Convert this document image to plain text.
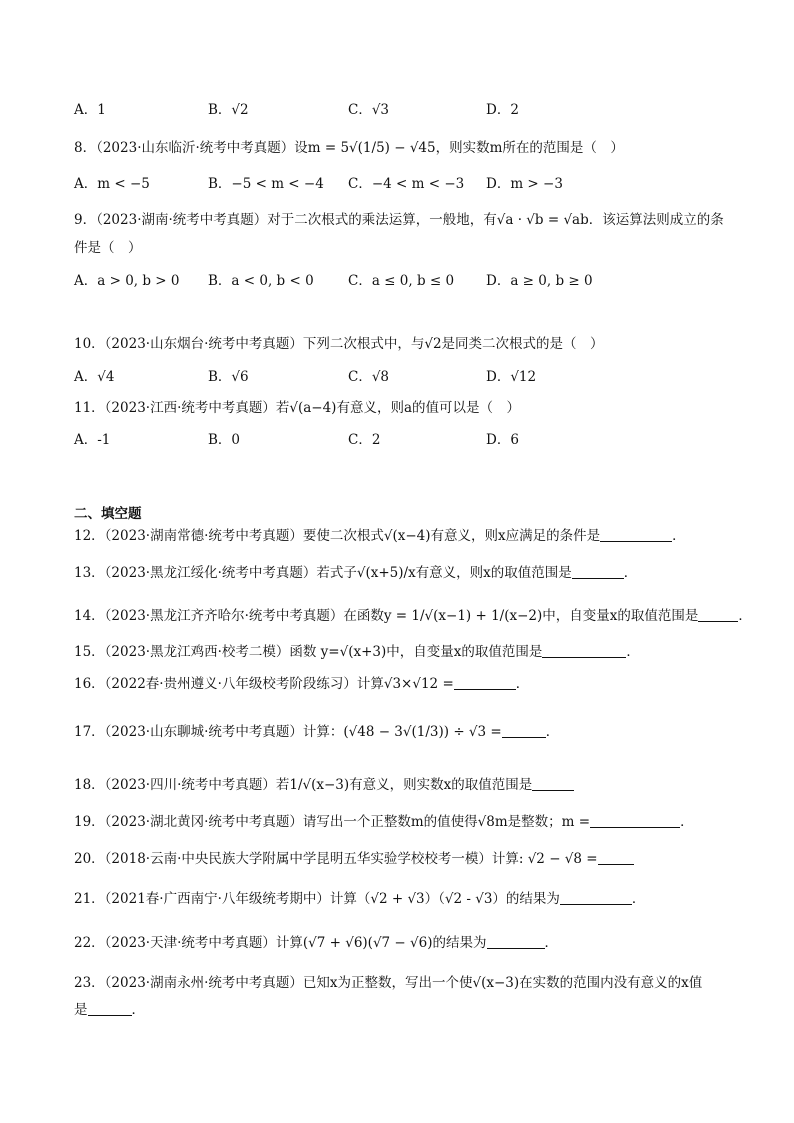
A．1	B．√2	C．√3	D．2
8．（2023·山东临沂·统考中考真题）设m = 5√(1/5) − √45，则实数m所在的范围是（　）
A．m < −5	B．−5 < m < −4 C．−4 < m < −3 D．m > −3
9．（2023·湖南·统考中考真题）对于二次根式的乘法运算，一般地，有√a · √b = √ab．该运算法则成立的条
件是（　）
A．a > 0, b > 0 B．a < 0, b < 0	C．a ≤ 0, b ≤ 0 D．a ≥ 0, b ≥ 0
10．（2023·山东烟台·统考中考真题）下列二次根式中，与√2是同类二次根式的是（　）
A．√4	B．√6	C．√8	D．√12
11．（2023·江西·统考中考真题）若√(a−4)有意义，则a的值可以是（　）
A．-1	B．0	C．2	D．6
二、填空题
12．（2023·湖南常德·统考中考真题）要使二次根式√(x−4)有意义，则x应满足的条件是	．
13．（2023·黑龙江绥化·统考中考真题）若式子√(x+5)/x有意义，则x的取值范围是	．
14．（2023·黑龙江齐齐哈尔·统考中考真题）在函数y = 1/√(x−1) + 1/(x−2)中，自变量x的取值范围是	．
15．（2023·黑龙江鸡西·校考二模）函数 y=√(x+3)中，自变量x的取值范围是	．
16．（2022春·贵州遵义·八年级校考阶段练习）计算√3×√12 =	．
17．（2023·山东聊城·统考中考真题）计算：(√48 − 3√(1/3)) ÷ √3 =	．
18．（2023·四川·统考中考真题）若1/√(x−3)有意义，则实数x的取值范围是
19．（2023·湖北黄冈·统考中考真题）请写出一个正整数m的值使得√8m是整数；m =	．
20．（2018·云南·中央民族大学附属中学昆明五华实验学校校考一模）计算: √2 − √8 =
21．（2021春·广西南宁·八年级统考期中）计算（√2 + √3）（√2 - √3）的结果为	．
22．（2023·天津·统考中考真题）计算(√7 + √6)(√7 − √6)的结果为	．
23．（2023·湖南永州·统考中考真题）已知x为正整数，写出一个使√(x−3)在实数的范围内没有意义的x值
是	．
